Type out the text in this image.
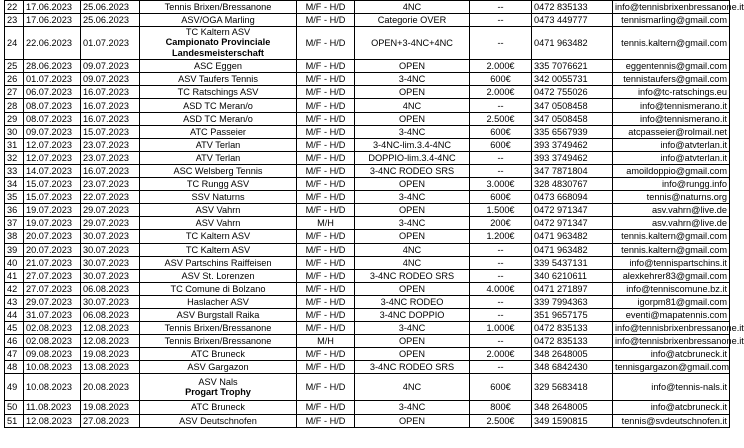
22	17.06.2023	25.06.2023	Tennis Brixen/Bressanone	M/F - H/D	4NC	--	0472 835133	info@tennisbrixenbressanone.it
23	17.06.2023	25.06.2023	ASV/OGA Marling	M/F - H/D	Categorie OVER	--	0473 449777	tennismarling@gmail.com
24	22.06.2023	01.07.2023	TC Kaltern ASV
Campionato Provinciale Landesmeisterschaft	M/F - H/D	OPEN+3-4NC+4NC	--	0471 963482	tennis.kaltern@gmail.com
25	28.06.2023	09.07.2023	ASC Eggen	M/F - H/D	OPEN	2.000€	335 7076621	eggentennis@gmail.com
26	01.07.2023	09.07.2023	ASV Taufers Tennis	M/F - H/D	3-4NC	600€	342 0055731	tennistaufers@gmail.com
27	06.07.2023	16.07.2023	TC Ratschings ASV	M/F - H/D	OPEN	2.000€	0472 755026	info@tc-ratschings.eu
28	08.07.2023	16.07.2023	ASD TC Meran/o	M/F - H/D	4NC	--	347 0508458	info@tennismerano.it
29	08.07.2023	16.07.2023	ASD TC Meran/o	M/F - H/D	OPEN	2.500€	347 0508458	info@tennismerano.it
30	09.07.2023	15.07.2023	ATC Passeier	M/F - H/D	3-4NC	600€	335 6567939	atcpasseier@rolmail.net
31	12.07.2023	23.07.2023	ATV Terlan	M/F - H/D	3-4NC-lim.3.4-4NC	600€	393 3749462	info@atvterlan.it
32	12.07.2023	23.07.2023	ATV Terlan	M/F - H/D	DOPPIO-lim.3.4-4NC	--	393 3749462	info@atvterlan.it
33	14.07.2023	16.07.2023	ASC Welsberg Tennis	M/F - H/D	3-4NC RODEO SRS	--	347 7871804	amoildoppio@gmail.com
34	15.07.2023	23.07.2023	TC Rungg ASV	M/F - H/D	OPEN	3.000€	328 4830767	info@rungg.info
35	15.07.2023	22.07.2023	SSV Naturns	M/F - H/D	3-4NC	600€	0473 668094	tennis@naturns.org
36	19.07.2023	29.07.2023	ASV Vahrn	M/F - H/D	OPEN	1.500€	0472 971347	asv.vahrn@live.de
37	19.07.2023	29.07.2023	ASV Vahrn	M/H	3-4NC	200€	0472 971347	asv.vahrn@live.de
38	20.07.2023	30.07.2023	TC Kaltern ASV	M/F - H/D	OPEN	1.200€	0471 963482	tennis.kaltern@gmail.com
39	20.07.2023	30.07.2023	TC Kaltern ASV	M/F - H/D	4NC	--	0471 963482	tennis.kaltern@gmail.com
40	21.07.2023	30.07.2023	ASV Partschins Raiffeisen	M/F - H/D	4NC	--	339 5437131	info@tennispartschins.it
41	27.07.2023	30.07.2023	ASV St. Lorenzen	M/F - H/D	3-4NC RODEO SRS	--	340 6210611	alexkehrer83@gmail.com
42	27.07.2023	06.08.2023	TC Comune di Bolzano	M/F - H/D	OPEN	4.000€	0471 271897	info@tenniscomune.bz.it
43	29.07.2023	30.07.2023	Haslacher ASV	M/F - H/D	3-4NC RODEO	--	339 7994363	igorpm81@gmail.com
44	31.07.2023	06.08.2023	ASV Burgstall Raika	M/F - H/D	3-4NC DOPPIO	--	351 9657175	eventi@mapatennis.com
45	02.08.2023	12.08.2023	Tennis Brixen/Bressanone	M/F - H/D	3-4NC	1.000€	0472 835133	info@tennisbrixenbressanone.it
46	02.08.2023	12.08.2023	Tennis Brixen/Bressanone	M/H	OPEN	--	0472 835133	info@tennisbrixenbressanone.it
47	09.08.2023	19.08.2023	ATC Bruneck	M/F - H/D	OPEN	2.000€	348 2648005	info@atcbruneck.it
48	10.08.2023	13.08.2023	ASV Gargazon	M/F - H/D	3-4NC RODEO SRS	--	348 6842430	tennisgargazon@gmail.com
49	10.08.2023	20.08.2023	ASV Nals
Progart Trophy	M/F - H/D	4NC	600€	329 5683418	info@tennis-nals.it
50	11.08.2023	19.08.2023	ATC Bruneck	M/F - H/D	3-4NC	800€	348 2648005	info@atcbruneck.it
51	12.08.2023	27.08.2023	ASV Deutschnofen	M/F - H/D	OPEN	2.500€	349 1590815	tennis@svdeutschnofen.it
